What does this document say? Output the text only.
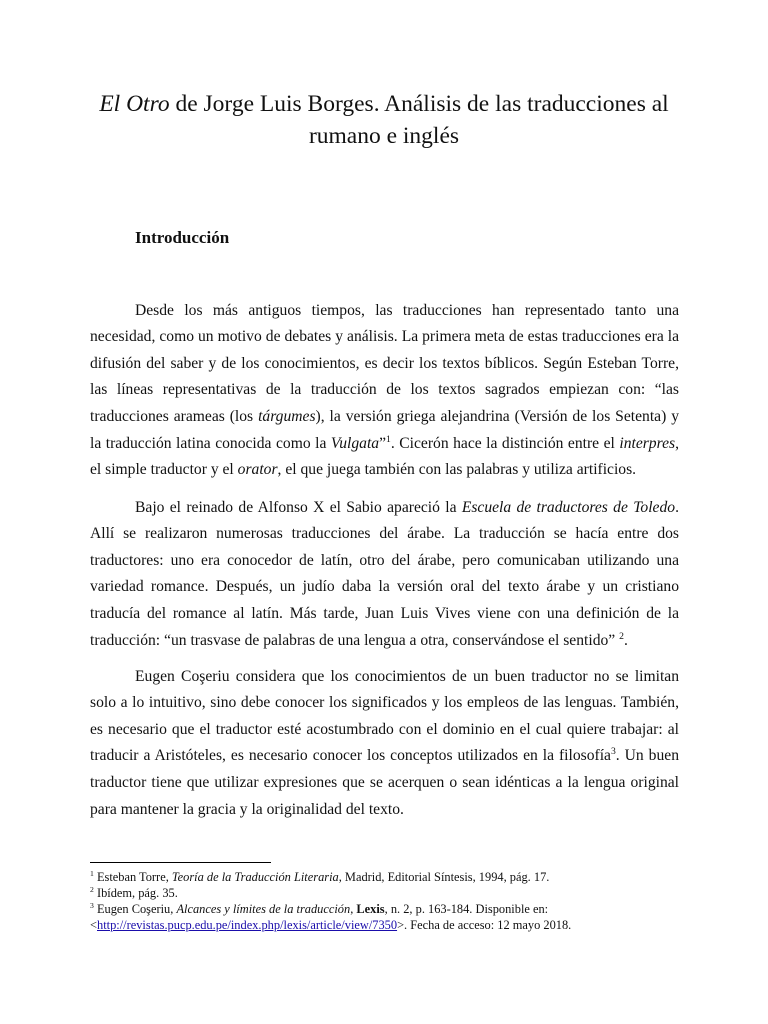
El Otro de Jorge Luis Borges. Análisis de las traducciones al rumano e inglés
Introducción

Desde los más antiguos tiempos, las traducciones han representado tanto una necesidad, como un motivo de debates y análisis. La primera meta de estas traducciones era la difusión del saber y de los conocimientos, es decir los textos bíblicos. Según Esteban Torre, las líneas representativas de la traducción de los textos sagrados empiezan con: “las traducciones arameas (los tárgumes), la versión griega alejandrina (Versión de los Setenta) y la traducción latina conocida como la Vulgata”$^1$. Cicerón hace la distinción entre el interpres, el simple traductor y el orator, el que juega también con las palabras y utiliza artificios.

Bajo el reinado de Alfonso X el Sabio apareció la Escuela de traductores de Toledo. Allí se realizaron numerosas traducciones del árabe. La traducción se hacía entre dos traductores: uno era conocedor de latín, otro del árabe, pero comunicaban utilizando una variedad romance. Después, un judío daba la versión oral del texto árabe y un cristiano traducía del romance al latín. Más tarde, Juan Luis Vives viene con una definición de la traducción: “un trasvase de palabras de una lengua a otra, conservándose el sentido” $^2$.

Eugen Coşeriu considera que los conocimientos de un buen traductor no se limitan solo a lo intuitivo, sino debe conocer los significados y los empleos de las lenguas. También, es necesario que el traductor esté acostumbrado con el dominio en el cual quiere trabajar: al traducir a Aristóteles, es necesario conocer los conceptos utilizados en la filosofía$^3$. Un buen traductor tiene que utilizar expresiones que se acerquen o sean idénticas a la lengua original para mantener la gracia y la originalidad del texto.

$^1$ Esteban Torre, Teoría de la Traducción Literaria, Madrid, Editorial Síntesis, 1994, pág. 17.

$^2$ Ibídem, pág. 35.

$^3$ Eugen Coşeriu, Alcances y límites de la traducción, Lexis, n. 2, p. 163-184. Disponible en: <http://revistas.pucp.edu.pe/index.php/lexis/article/view/7350>. Fecha de acceso: 12 mayo 2018.
